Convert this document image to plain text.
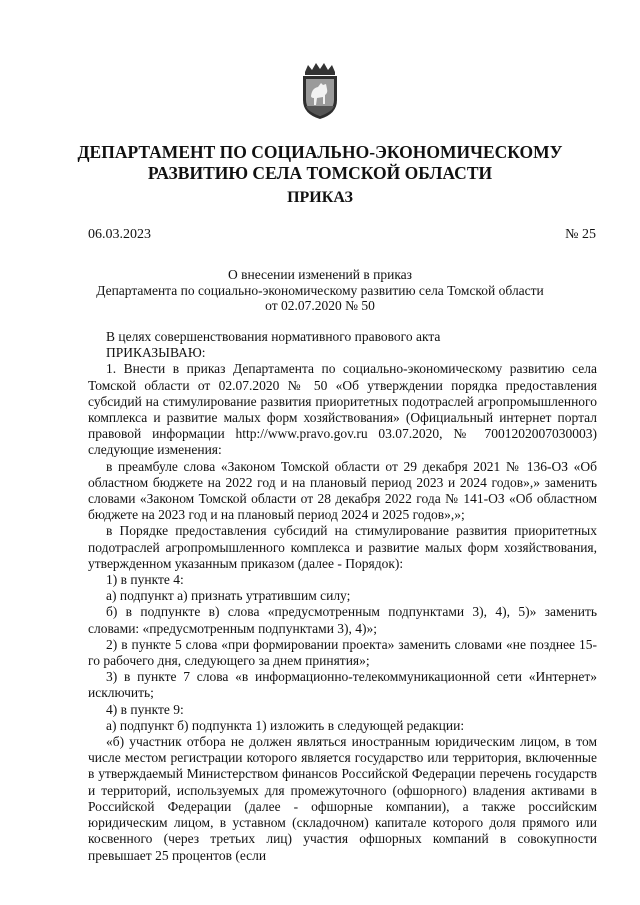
ДЕПАРТАМЕНТ ПО СОЦИАЛЬНО-ЭКОНОМИЧЕСКОМУ
РАЗВИТИЮ СЕЛА ТОМСКОЙ ОБЛАСТИ
ПРИКАЗ
06.03.2023	№ 25
О внесении изменений в приказ
Департамента по социально-экономическому развитию села Томской области
от 02.07.2020 № 50

В целях совершенствования нормативного правового акта

ПРИКАЗЫВАЮ:

1. Внести в приказ Департамента по социально-экономическому развитию села Томской области от 02.07.2020 № 50 «Об утверждении порядка предоставления субсидий на стимулирование развития приоритетных подотраслей агропромышленного комплекса и развитие малых форм хозяйствования» (Официальный интернет портал правовой информации http://www.pravo.gov.ru 03.07.2020, № 7001202007030003) следующие изменения:

в преамбуле слова «Законом Томской области от 29 декабря 2021 № 136-ОЗ «Об областном бюджете на 2022 год и на плановый период 2023 и 2024 годов»,» заменить словами «Законом Томской области от 28 декабря 2022 года № 141-ОЗ «Об областном бюджете на 2023 год и на плановый период 2024 и 2025 годов»,»;

в Порядке предоставления субсидий на стимулирование развития приоритетных подотраслей агропромышленного комплекса и развитие малых форм хозяйствования, утвержденном указанным приказом (далее - Порядок):

1) в пункте 4:

а) подпункт а) признать утратившим силу;

б) в подпункте в) слова «предусмотренным подпунктами 3), 4), 5)» заменить словами: «предусмотренным подпунктами 3), 4)»;

2) в пункте 5 слова «при формировании проекта» заменить словами «не позднее 15-го рабочего дня, следующего за днем принятия»;

3) в пункте 7 слова «в информационно-телекоммуникационной сети «Интернет» исключить;

4) в пункте 9:

а) подпункт б) подпункта 1) изложить в следующей редакции:

«б) участник отбора не должен являться иностранным юридическим лицом, в том числе местом регистрации которого является государство или территория, включенные в утверждаемый Министерством финансов Российской Федерации перечень государств и территорий, используемых для промежуточного (офшорного) владения активами в Российской Федерации (далее - офшорные компании), а также российским юридическим лицом, в уставном (складочном) капитале которого доля прямого или косвенного (через третьих лиц) участия офшорных компаний в совокупности превышает 25 процентов (если
